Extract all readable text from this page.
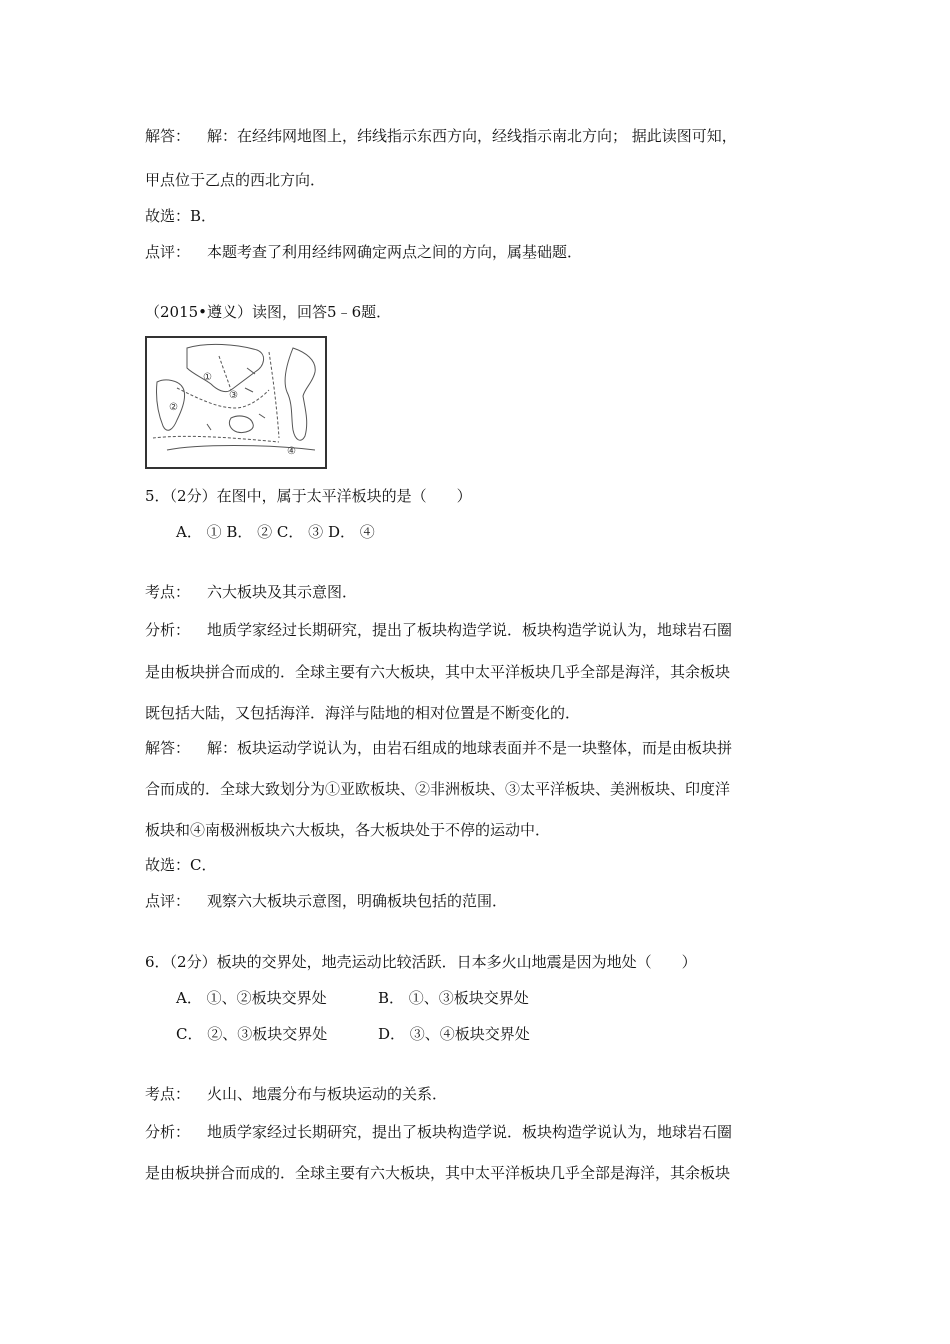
解答： 解：在经纬网地图上，纬线指示东西方向，经线指示南北方向； 据此读图可知，
甲点位于乙点的西北方向．
故选：B．
点评： 本题考查了利用经纬网确定两点之间的方向，属基础题．
（2015•遵义）读图，回答5﹣6题．
①
②
③
④
5．（2分）在图中，属于太平洋板块的是（　　）
A． ① B． ② C． ③ D． ④
考点： 六大板块及其示意图．
分析： 地质学家经过长期研究，提出了板块构造学说．板块构造学说认为，地球岩石圈
是由板块拼合而成的．全球主要有六大板块，其中太平洋板块几乎全部是海洋，其余板块
既包括大陆，又包括海洋．海洋与陆地的相对位置是不断变化的．
解答： 解：板块运动学说认为，由岩石组成的地球表面并不是一块整体，而是由板块拼
合而成的．全球大致划分为①亚欧板块、②非洲板块、③太平洋板块、美洲板块、印度洋
板块和④南极洲板块六大板块，各大板块处于不停的运动中．
故选：C．
点评： 观察六大板块示意图，明确板块包括的范围．
6．（2分）板块的交界处，地壳运动比较活跃．日本多火山地震是因为地处（　　）
A． ①、②板块交界处	B． ①、③板块交界处
C． ②、③板块交界处	D． ③、④板块交界处
考点： 火山、地震分布与板块运动的关系．
分析： 地质学家经过长期研究，提出了板块构造学说．板块构造学说认为，地球岩石圈
是由板块拼合而成的．全球主要有六大板块，其中太平洋板块几乎全部是海洋，其余板块
